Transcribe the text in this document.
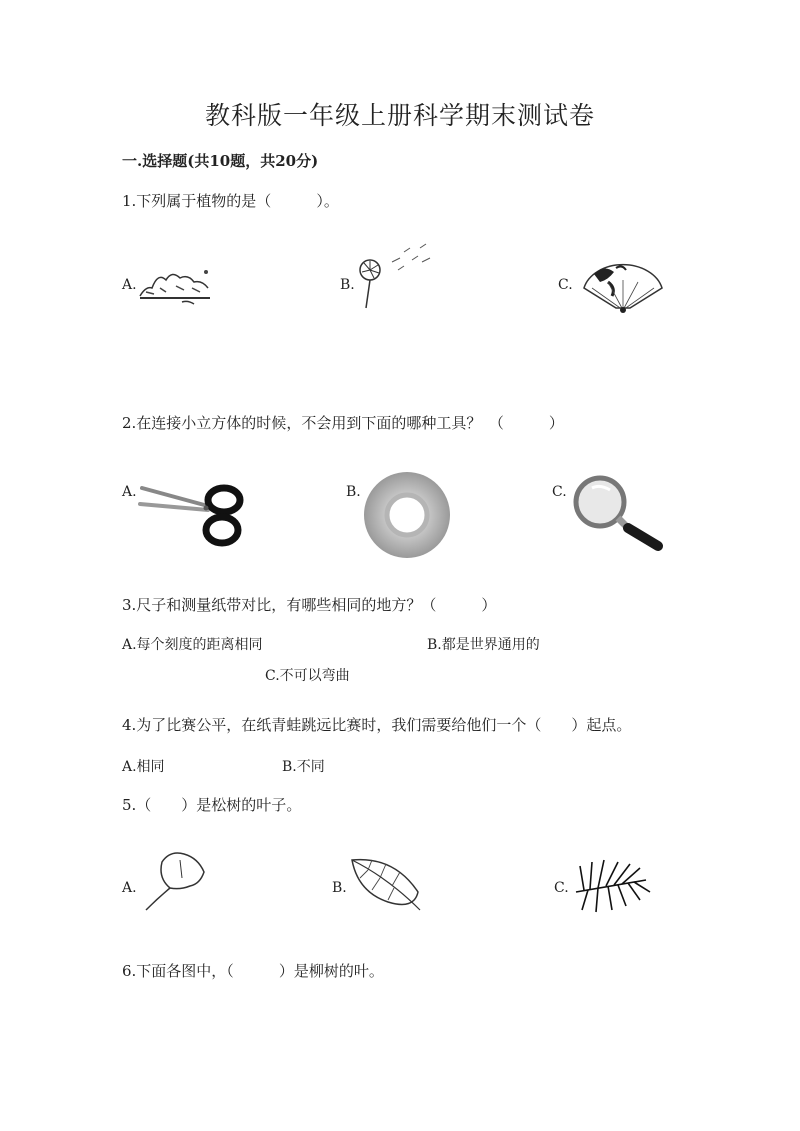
教科版一年级上册科学期末测试卷
一.选择题(共10题，共20分)
1.下列属于植物的是（　　　）。
A.	B.	C.
2.在连接小立方体的时候，不会用到下面的哪种工具？　（　　　）
A.	B.	C.
3.尺子和测量纸带对比，有哪些相同的地方？（　　　）
A.每个刻度的距离相同	B.都是世界通用的
C.不可以弯曲
4.为了比赛公平，在纸青蛙跳远比赛时，我们需要给他们一个（　　）起点。
A.相同	B.不同
5.（　　）是松树的叶子。
A.	B.	C.
6.下面各图中，（　　　）是柳树的叶。
